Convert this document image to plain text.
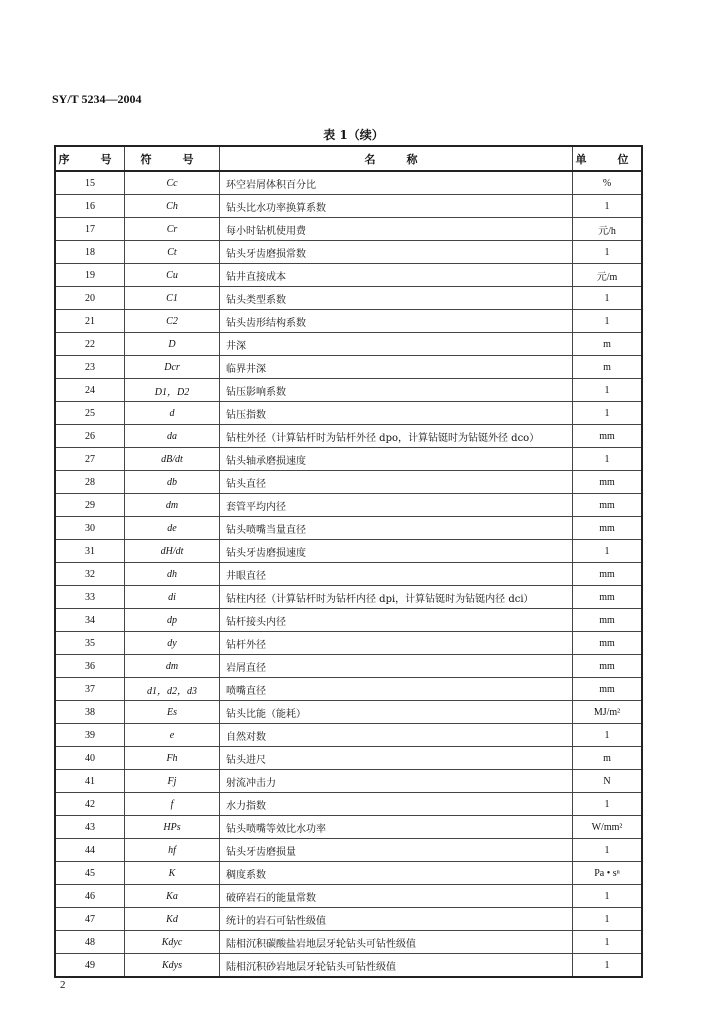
SY/T 5234—2004
表 1（续）
序　号	符　号	名　称	单　位
15	Cc	环空岩屑体积百分比	%
16	Ch	钻头比水功率换算系数	1
17	Cr	每小时钻机使用费	元/h
18	Ct	钻头牙齿磨损常数	1
19	Cu	钻井直接成本	元/m
20	C1	钻头类型系数	1
21	C2	钻头齿形结构系数	1
22	D	井深	m
23	Dcr	临界井深	m
24	D1，D2	钻压影响系数	1
25	d	钻压指数	1
26	da	钻柱外径（计算钻杆时为钻杆外径 dpo，计算钻铤时为钻铤外径 dco）	mm
27	dB/dt	钻头轴承磨损速度	1
28	db	钻头直径	mm
29	dm	套管平均内径	mm
30	de	钻头喷嘴当量直径	mm
31	dH/dt	钻头牙齿磨损速度	1
32	dh	井眼直径	mm
33	di	钻柱内径（计算钻杆时为钻杆内径 dpi，计算钻铤时为钻铤内径 dci）	mm
34	dp	钻杆接头内径	mm
35	dy	钻杆外径	mm
36	dm	岩屑直径	mm
37	d1，d2，d3	喷嘴直径	mm
38	Es	钻头比能（能耗）	MJ/m²
39	e	自然对数	1
40	Fh	钻头进尺	m
41	Fj	射流冲击力	N
42	f	水力指数	1
43	HPs	钻头喷嘴等效比水功率	W/mm²
44	hf	钻头牙齿磨损量	1
45	K	稠度系数	Pa • sⁿ
46	Ka	破碎岩石的能量常数	1
47	Kd	统计的岩石可钻性级值	1
48	Kdyc	陆相沉积碳酸盐岩地层牙轮钻头可钻性级值	1
49	Kdys	陆相沉积砂岩地层牙轮钻头可钻性级值	1
2
